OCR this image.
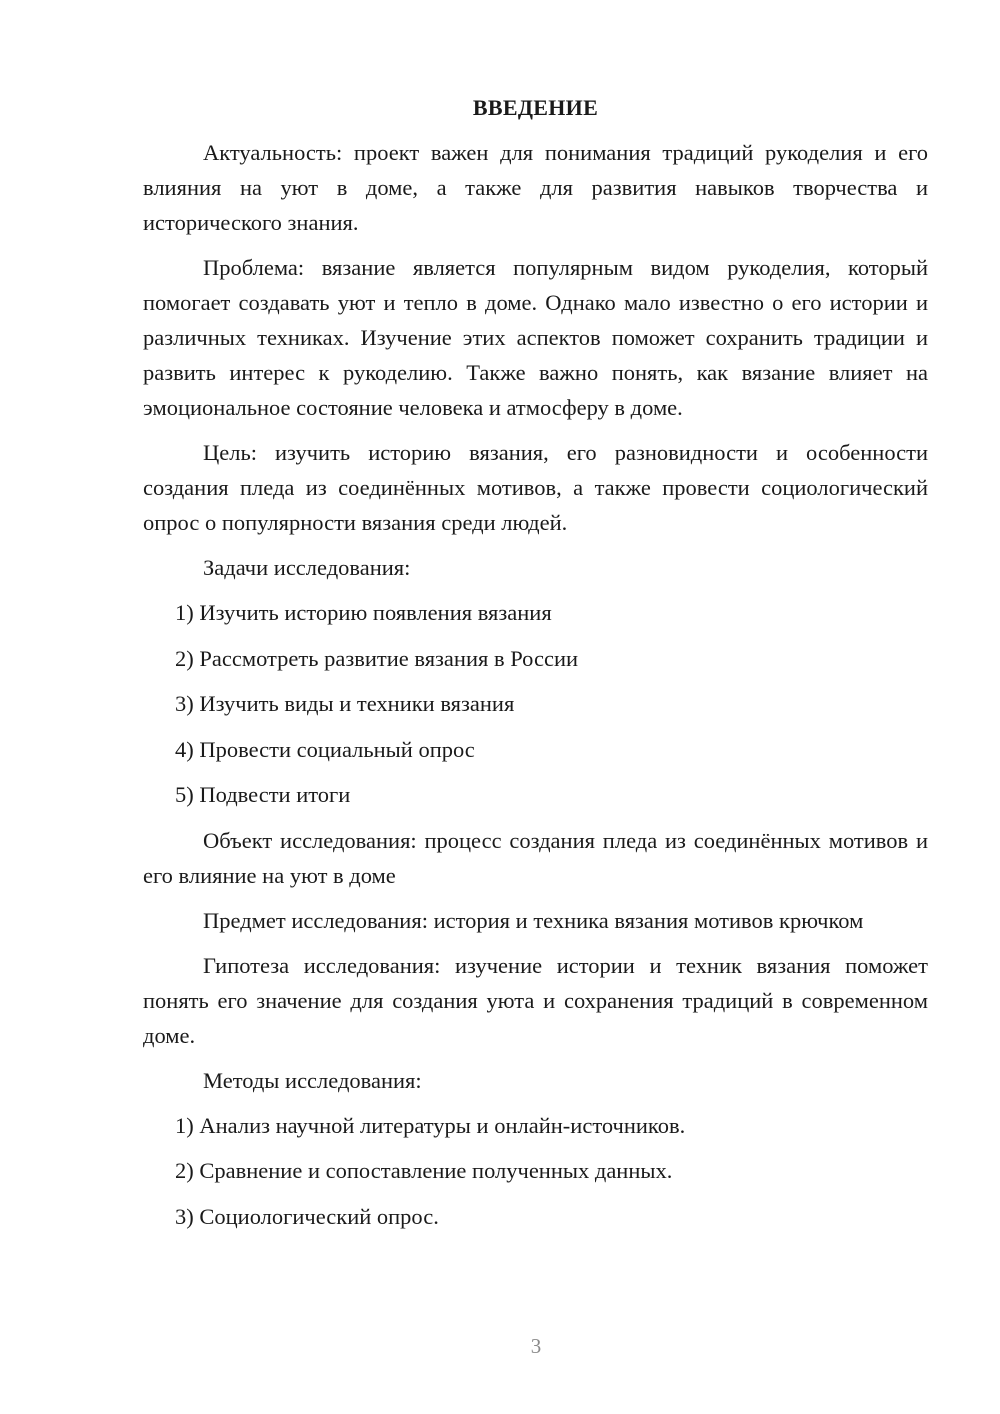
ВВЕДЕНИЕ

Актуальность: проект важен для понимания традиций рукоделия и его влияния на уют в доме, а также для развития навыков творчества и исторического знания.

Проблема: вязание является популярным видом рукоделия, который помогает создавать уют и тепло в доме. Однако мало известно о его истории и различных техниках. Изучение этих аспектов поможет сохранить традиции и развить интерес к рукоделию. Также важно понять, как вязание влияет на эмоциональное состояние человека и атмосферу в доме.

Цель: изучить историю вязания, его разновидности и особенности создания пледа из соединённых мотивов, а также провести социологический опрос о популярности вязания среди людей.

Задачи исследования:

1) Изучить историю появления вязания
2) Рассмотреть развитие вязания в России
3) Изучить виды и техники вязания
4) Провести социальный опрос
5) Подвести итоги

Объект исследования: процесс создания пледа из соединённых мотивов и его влияние на уют в доме

Предмет исследования: история и техника вязания мотивов крючком

Гипотеза исследования: изучение истории и техник вязания поможет понять его значение для создания уюта и сохранения традиций в современном доме.

Методы исследования:

1) Анализ научной литературы и онлайн-источников.
2) Сравнение и сопоставление полученных данных.
3) Социологический опрос.
3
